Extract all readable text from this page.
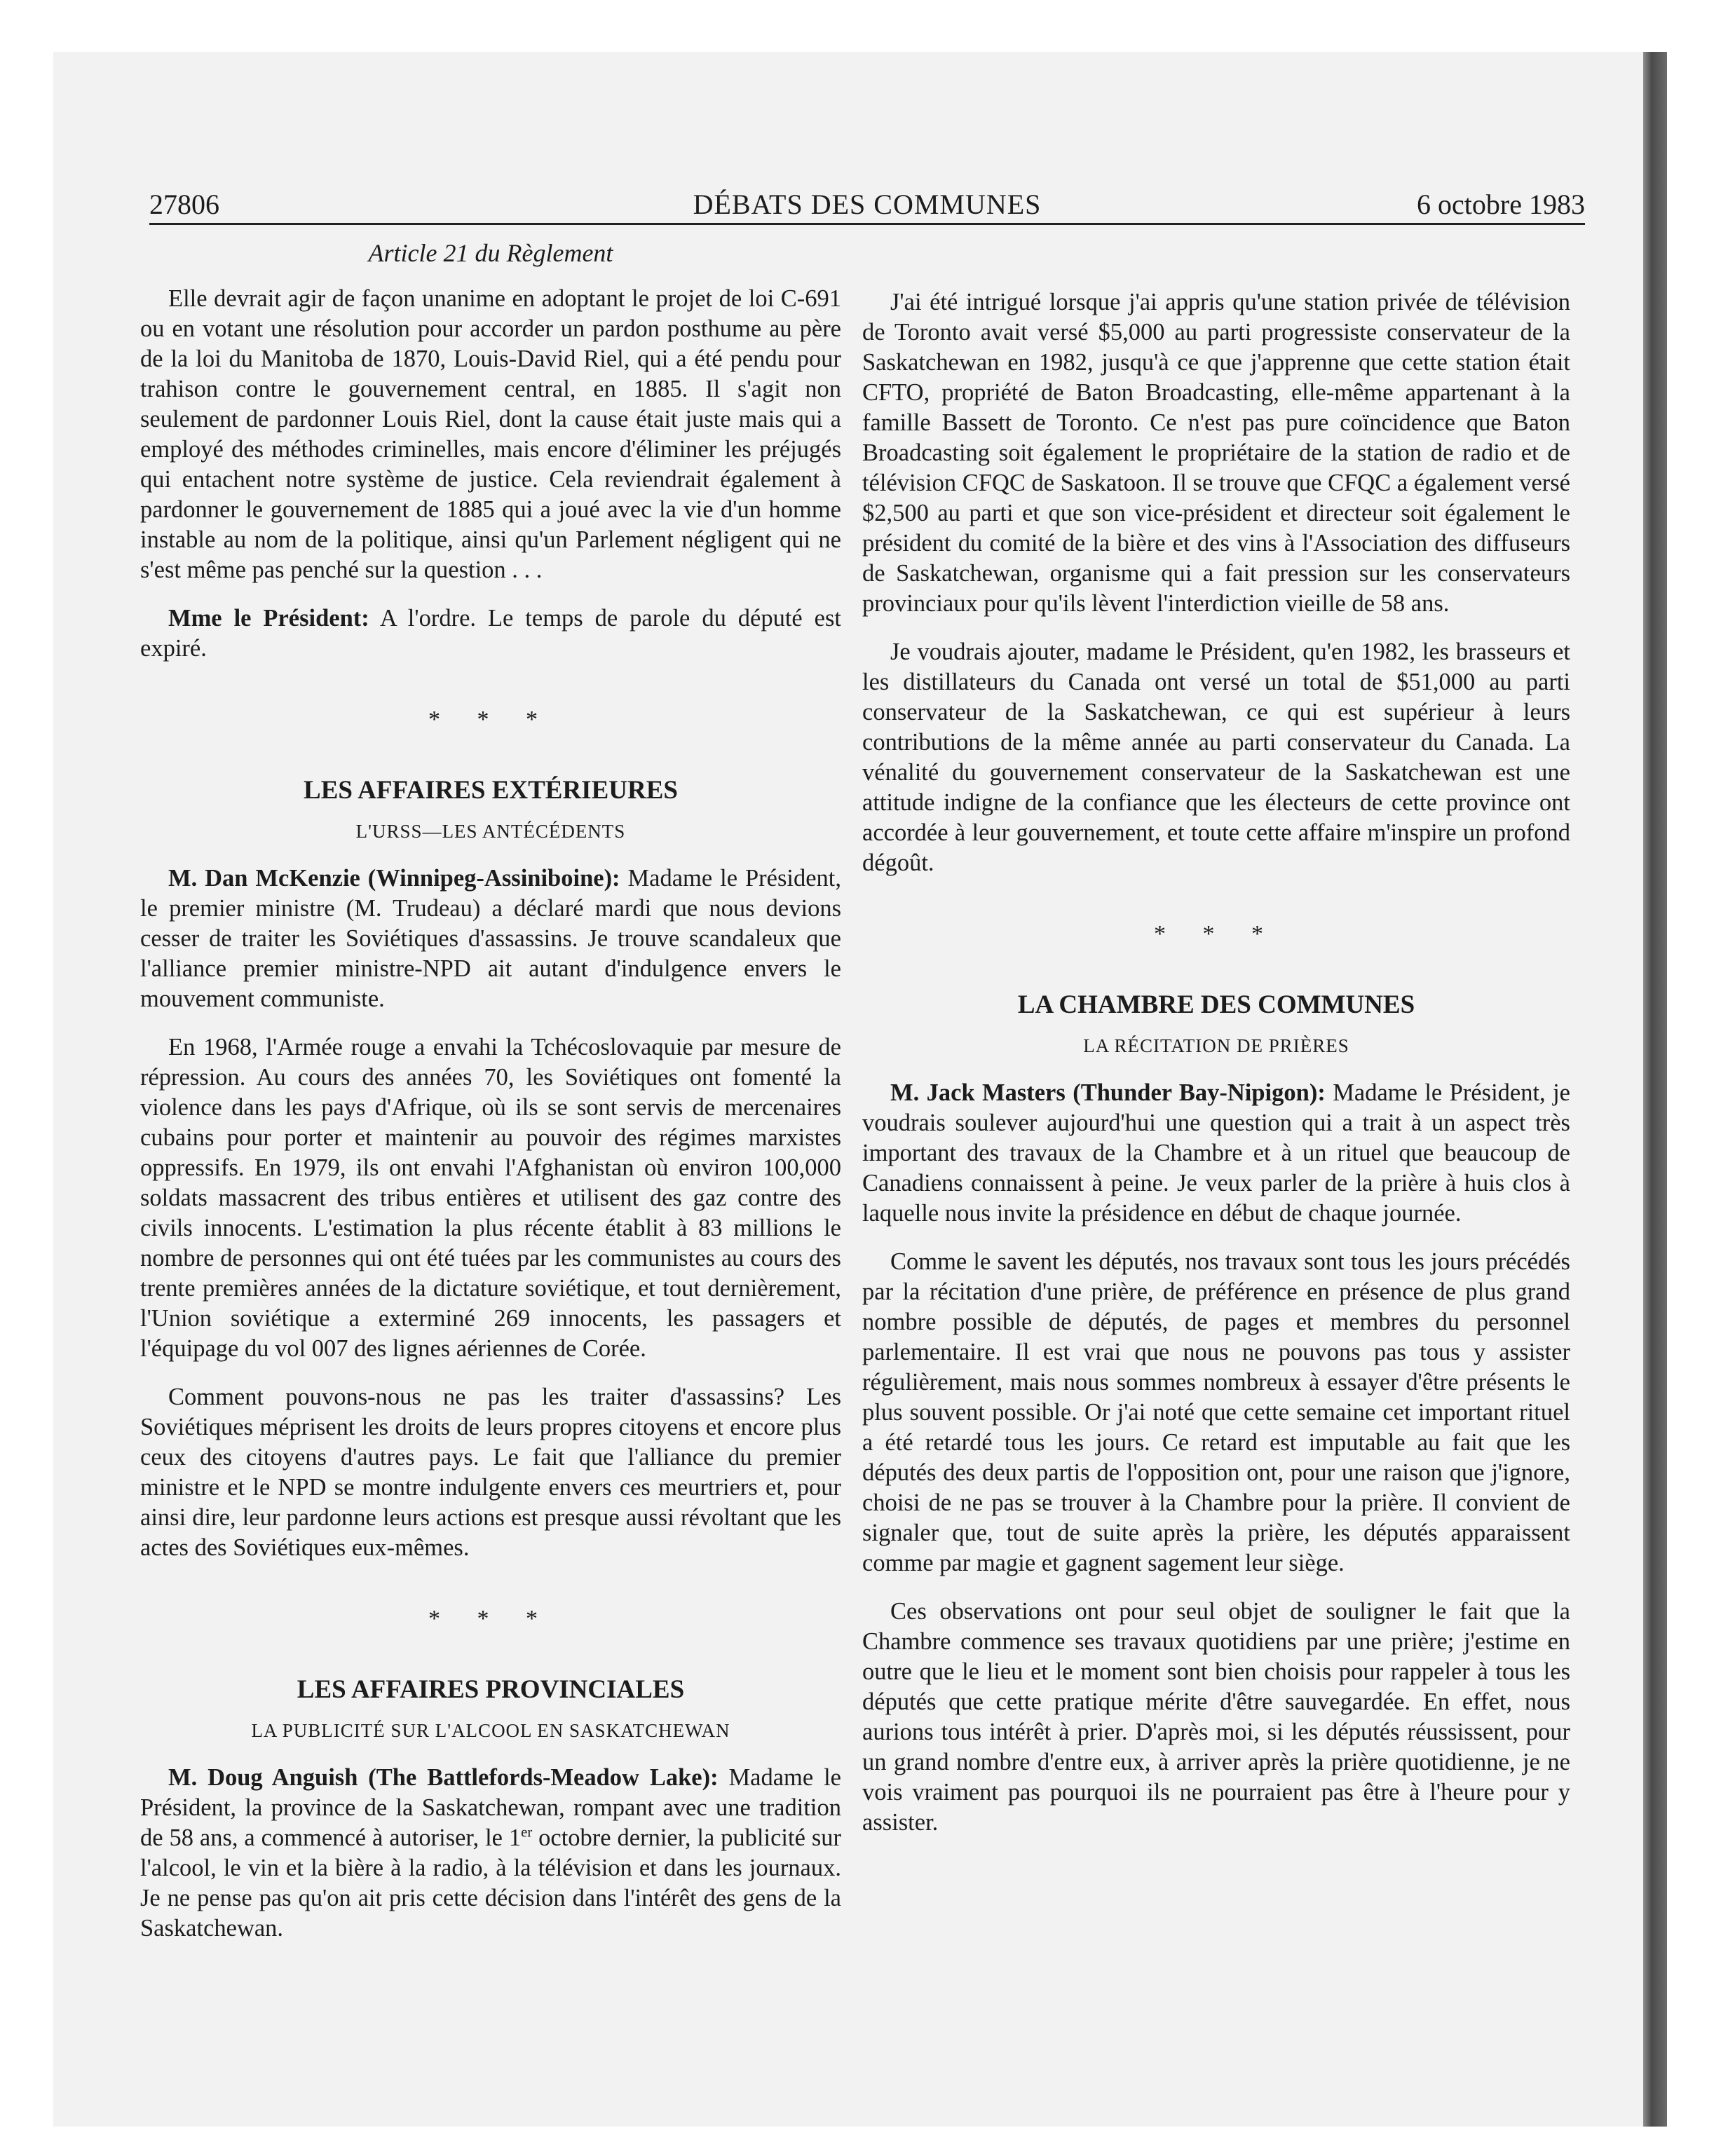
27806	DÉBATS DES COMMUNES	6 octobre 1983
Article 21 du Règlement

Elle devrait agir de façon unanime en adoptant le projet de loi C-691 ou en votant une résolution pour accorder un pardon posthume au père de la loi du Manitoba de 1870, Louis-David Riel, qui a été pendu pour trahison contre le gouvernement central, en 1885. Il s'agit non seulement de pardonner Louis Riel, dont la cause était juste mais qui a employé des méthodes criminelles, mais encore d'éliminer les préjugés qui entachent notre système de justice. Cela reviendrait également à pardonner le gouvernement de 1885 qui a joué avec la vie d'un homme instable au nom de la politique, ainsi qu'un Parlement négligent qui ne s'est même pas penché sur la question . . .

Mme le Président: A l'ordre. Le temps de parole du député est expiré.

* * *
LES AFFAIRES EXTÉRIEURES
L'URSS—LES ANTÉCÉDENTS

M. Dan McKenzie (Winnipeg-Assiniboine): Madame le Président, le premier ministre (M. Trudeau) a déclaré mardi que nous devions cesser de traiter les Soviétiques d'assassins. Je trouve scandaleux que l'alliance premier ministre-NPD ait autant d'indulgence envers le mouvement communiste.

En 1968, l'Armée rouge a envahi la Tchécoslovaquie par mesure de répression. Au cours des années 70, les Soviétiques ont fomenté la violence dans les pays d'Afrique, où ils se sont servis de mercenaires cubains pour porter et maintenir au pouvoir des régimes marxistes oppressifs. En 1979, ils ont envahi l'Afghanistan où environ 100,000 soldats massacrent des tribus entières et utilisent des gaz contre des civils innocents. L'estimation la plus récente établit à 83 millions le nombre de personnes qui ont été tuées par les communistes au cours des trente premières années de la dictature soviétique, et tout dernièrement, l'Union soviétique a exterminé 269 innocents, les passagers et l'équipage du vol 007 des lignes aériennes de Corée.

Comment pouvons-nous ne pas les traiter d'assassins? Les Soviétiques méprisent les droits de leurs propres citoyens et encore plus ceux des citoyens d'autres pays. Le fait que l'alliance du premier ministre et le NPD se montre indulgente envers ces meurtriers et, pour ainsi dire, leur pardonne leurs actions est presque aussi révoltant que les actes des Soviétiques eux-mêmes.

* * *
LES AFFAIRES PROVINCIALES
LA PUBLICITÉ SUR L'ALCOOL EN SASKATCHEWAN

M. Doug Anguish (The Battlefords-Meadow Lake): Madame le Président, la province de la Saskatchewan, rompant avec une tradition de 58 ans, a commencé à autoriser, le 1er octobre dernier, la publicité sur l'alcool, le vin et la bière à la radio, à la télévision et dans les journaux. Je ne pense pas qu'on ait pris cette décision dans l'intérêt des gens de la Saskatchewan.

J'ai été intrigué lorsque j'ai appris qu'une station privée de télévision de Toronto avait versé $5,000 au parti progressiste conservateur de la Saskatchewan en 1982, jusqu'à ce que j'apprenne que cette station était CFTO, propriété de Baton Broadcasting, elle-même appartenant à la famille Bassett de Toronto. Ce n'est pas pure coïncidence que Baton Broadcasting soit également le propriétaire de la station de radio et de télévision CFQC de Saskatoon. Il se trouve que CFQC a également versé $2,500 au parti et que son vice-président et directeur soit également le président du comité de la bière et des vins à l'Association des diffuseurs de Saskatchewan, organisme qui a fait pression sur les conservateurs provinciaux pour qu'ils lèvent l'interdiction vieille de 58 ans.

Je voudrais ajouter, madame le Président, qu'en 1982, les brasseurs et les distillateurs du Canada ont versé un total de $51,000 au parti conservateur de la Saskatchewan, ce qui est supérieur à leurs contributions de la même année au parti conservateur du Canada. La vénalité du gouvernement conservateur de la Saskatchewan est une attitude indigne de la confiance que les électeurs de cette province ont accordée à leur gouvernement, et toute cette affaire m'inspire un profond dégoût.

* * *
LA CHAMBRE DES COMMUNES
LA RÉCITATION DE PRIÈRES

M. Jack Masters (Thunder Bay-Nipigon): Madame le Président, je voudrais soulever aujourd'hui une question qui a trait à un aspect très important des travaux de la Chambre et à un rituel que beaucoup de Canadiens connaissent à peine. Je veux parler de la prière à huis clos à laquelle nous invite la présidence en début de chaque journée.

Comme le savent les députés, nos travaux sont tous les jours précédés par la récitation d'une prière, de préférence en présence de plus grand nombre possible de députés, de pages et membres du personnel parlementaire. Il est vrai que nous ne pouvons pas tous y assister régulièrement, mais nous sommes nombreux à essayer d'être présents le plus souvent possible. Or j'ai noté que cette semaine cet important rituel a été retardé tous les jours. Ce retard est imputable au fait que les députés des deux partis de l'opposition ont, pour une raison que j'ignore, choisi de ne pas se trouver à la Chambre pour la prière. Il convient de signaler que, tout de suite après la prière, les députés apparaissent comme par magie et gagnent sagement leur siège.

Ces observations ont pour seul objet de souligner le fait que la Chambre commence ses travaux quotidiens par une prière; j'estime en outre que le lieu et le moment sont bien choisis pour rappeler à tous les députés que cette pratique mérite d'être sauvegardée. En effet, nous aurions tous intérêt à prier. D'après moi, si les députés réussissent, pour un grand nombre d'entre eux, à arriver après la prière quotidienne, je ne vois vraiment pas pourquoi ils ne pourraient pas être à l'heure pour y assister.
